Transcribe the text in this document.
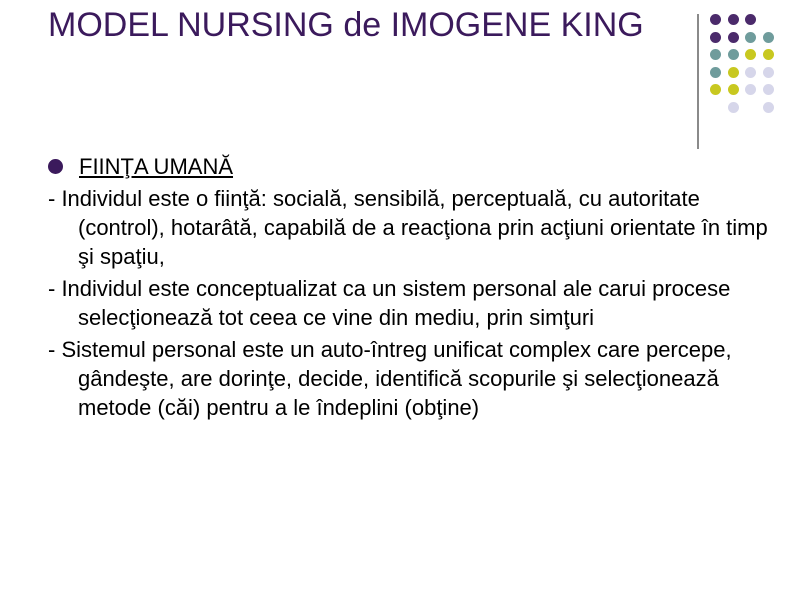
MODEL NURSING de IMOGENE KING
FIINŢA UMANĂ

- Individul este o fiinţă: socială, sensibilă, perceptuală, cu autoritate (control), hotarâtă, capabilă de a reacţiona prin acţiuni orientate în timp şi spaţiu,

- Individul este conceptualizat ca un sistem personal ale carui procese selecţionează tot ceea ce vine din mediu, prin simţuri

- Sistemul personal este un auto-întreg unificat complex care percepe, gândeşte, are dorinţe, decide, identifică scopurile şi selecţionează metode (căi) pentru a le îndeplini (obţine)
